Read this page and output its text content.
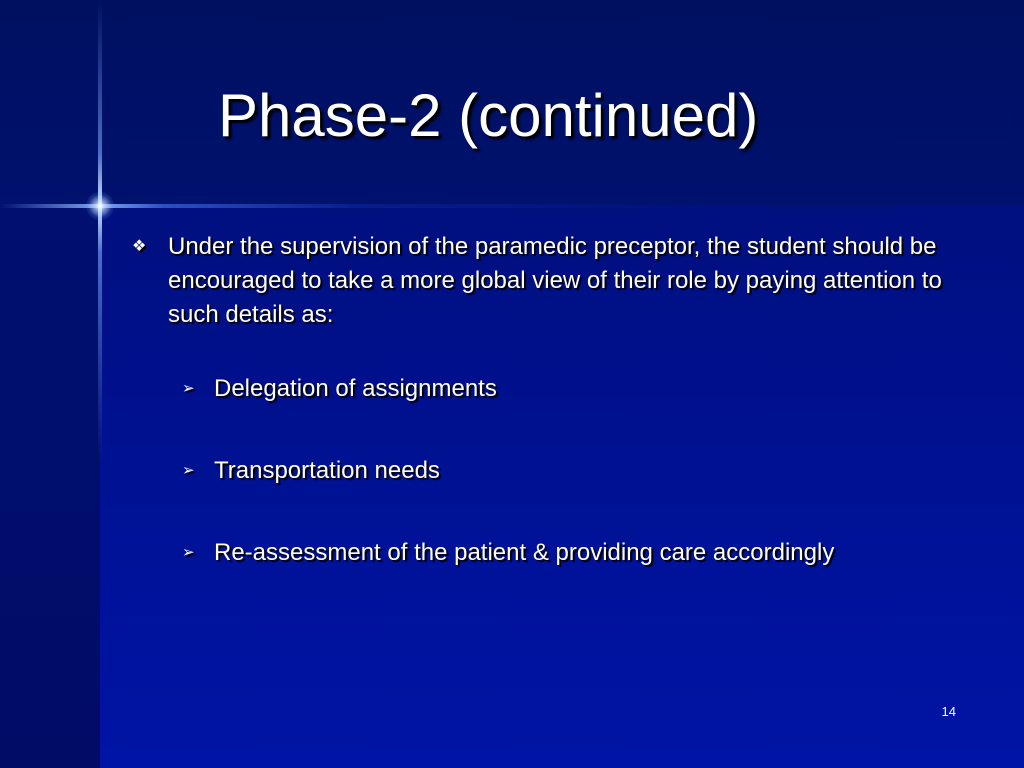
Phase-2 (continued)
❖ Under the supervision of the paramedic preceptor, the student should be encouraged to take a more global view of their role by paying attention to such details as:
➢ Delegation of assignments
➢ Transportation needs
➢ Re-assessment of the patient & providing care accordingly
14
